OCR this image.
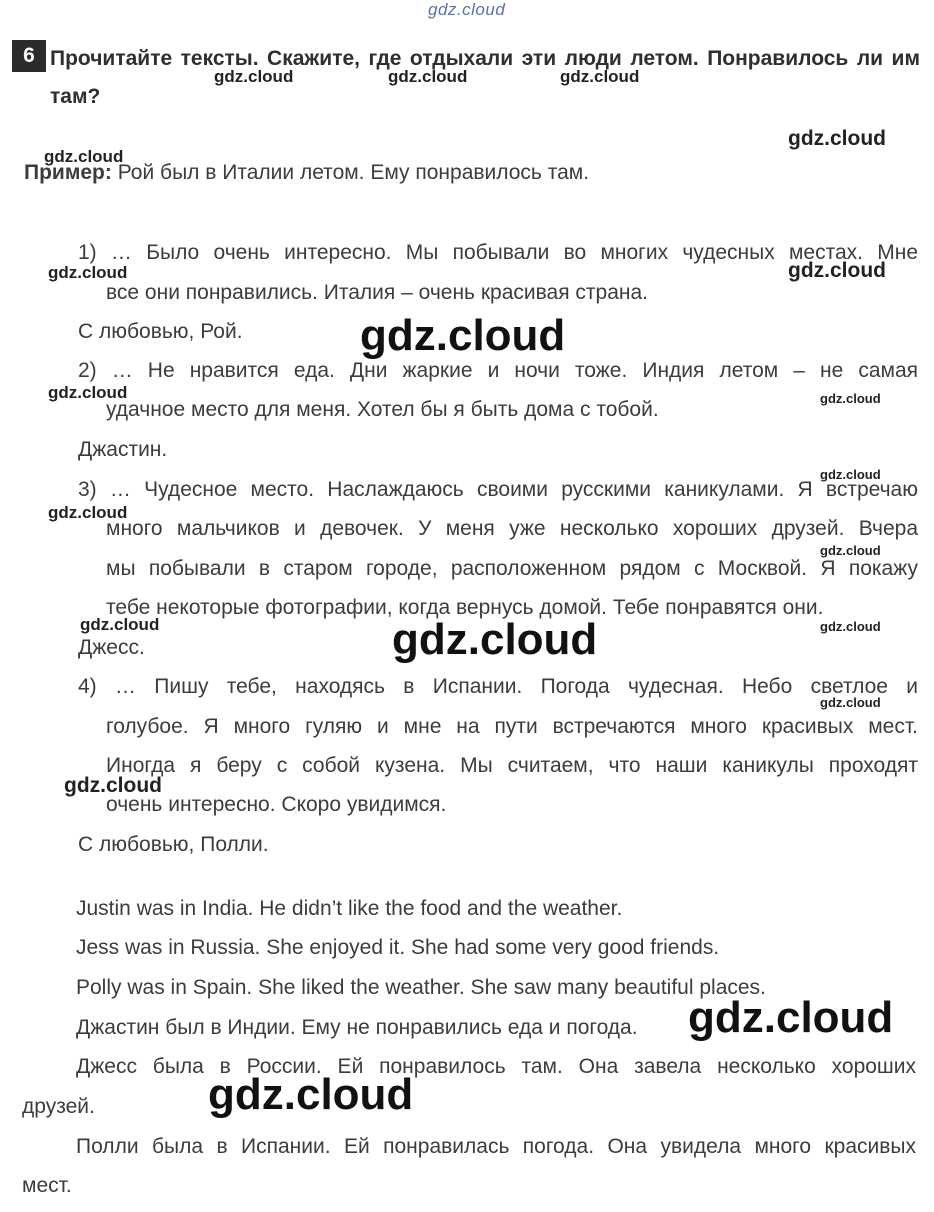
gdz.cloud
6 Прочитайте тексты. Скажите, где отдыхали эти люди летом. Понравилось ли им там?
Пример: Рой был в Италии летом. Ему понравилось там.
1) … Было очень интересно. Мы побывали во многих чудесных местах. Мне
все они понравились. Италия – очень красивая страна.
С любовью, Рой.
2) … Не нравится еда. Дни жаркие и ночи тоже. Индия летом – не самая
удачное место для меня. Хотел бы я быть дома с тобой.
Джастин.
3) … Чудесное место. Наслаждаюсь своими русскими каникулами. Я встречаю
много мальчиков и девочек. У меня уже несколько хороших друзей. Вчера
мы побывали в старом городе, расположенном рядом с Москвой. Я покажу
тебе некоторые фотографии, когда вернусь домой. Тебе понравятся они.
Джесс.
4) … Пишу тебе, находясь в Испании. Погода чудесная. Небо светлое и
голубое. Я много гуляю и мне на пути встречаются много красивых мест.
Иногда я беру с собой кузена. Мы считаем, что наши каникулы проходят
очень интересно. Скоро увидимся.
С любовью, Полли.
Justin was in India. He didn’t like the food and the weather.
Jess was in Russia. She enjoyed it. She had some very good friends.
Polly was in Spain. She liked the weather. She saw many beautiful places.
Джастин был в Индии. Ему не понравились еда и погода.
Джесс была в России. Ей понравилось там. Она завела несколько хороших
друзей.
Полли была в Испании. Ей понравилась погода. Она увидела много красивых
мест.
gdz.cloud	gdz.cloud	gdz.cloud
gdz.cloud
gdz.cloud
gdz.cloud	gdz.cloud
gdz.cloud
gdz.cloud	gdz.cloud
gdz.cloud
gdz.cloud
gdz.cloud
gdz.cloud	gdz.cloud
gdz.cloud
gdz.cloud
gdz.cloud
gdz.cloud
gdz.cloud
